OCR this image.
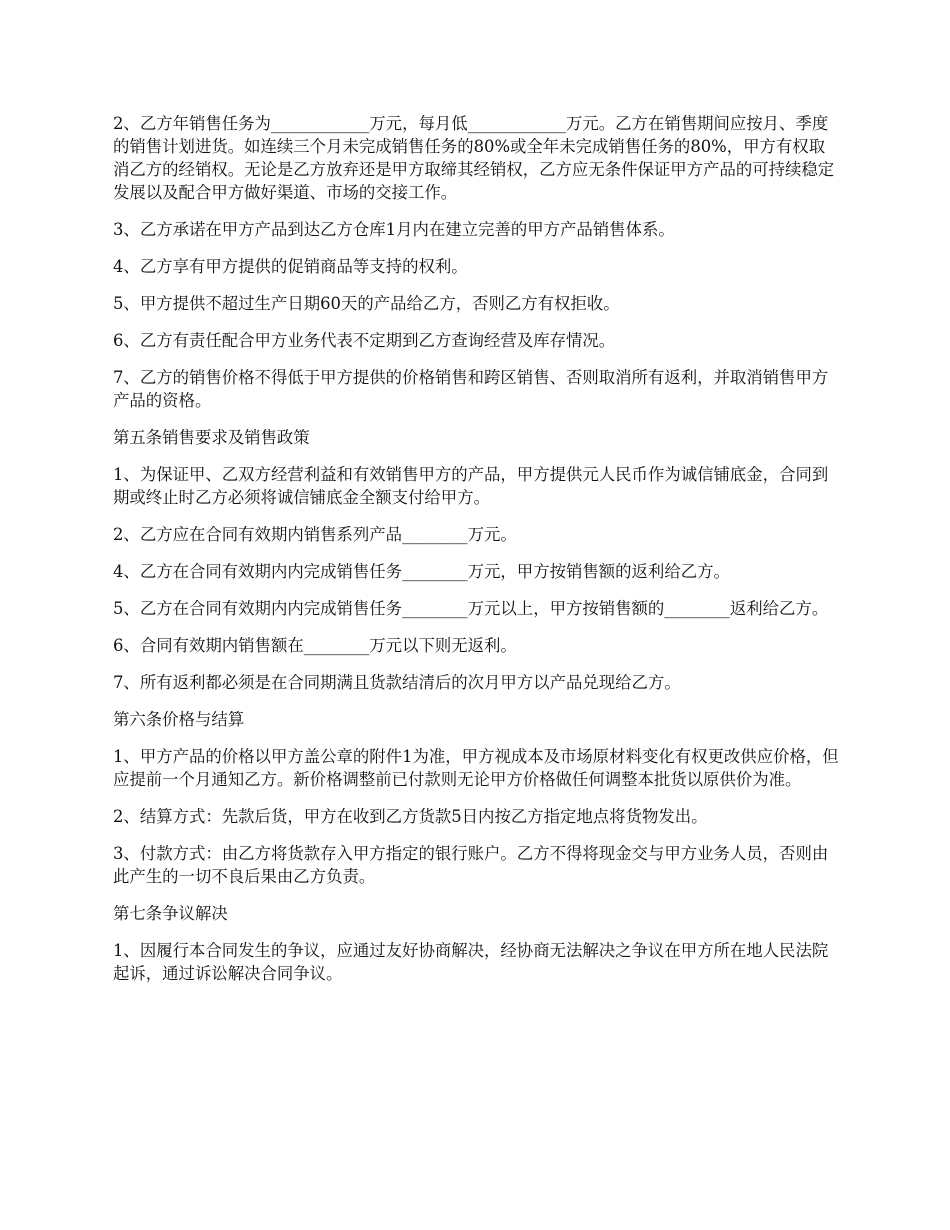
2、乙方年销售任务为____________万元，每月低____________万元。乙方在销售期间应按月、季度的销售计划进货。如连续三个月未完成销售任务的80%或全年未完成销售任务的80%，甲方有权取消乙方的经销权。无论是乙方放弃还是甲方取缔其经销权，乙方应无条件保证甲方产品的可持续稳定发展以及配合甲方做好渠道、市场的交接工作。

3、乙方承诺在甲方产品到达乙方仓库1月内在建立完善的甲方产品销售体系。

4、乙方享有甲方提供的促销商品等支持的权利。

5、甲方提供不超过生产日期60天的产品给乙方，否则乙方有权拒收。

6、乙方有责任配合甲方业务代表不定期到乙方查询经营及库存情况。

7、乙方的销售价格不得低于甲方提供的价格销售和跨区销售、否则取消所有返利，并取消销售甲方产品的资格。

第五条销售要求及销售政策

1、为保证甲、乙双方经营利益和有效销售甲方的产品，甲方提供元人民币作为诚信铺底金，合同到期或终止时乙方必须将诚信铺底金全额支付给甲方。

2、乙方应在合同有效期内销售系列产品________万元。

4、乙方在合同有效期内内完成销售任务________万元，甲方按销售额的返利给乙方。

5、乙方在合同有效期内内完成销售任务________万元以上，甲方按销售额的________返利给乙方。

6、合同有效期内销售额在________万元以下则无返利。

7、所有返利都必须是在合同期满且货款结清后的次月甲方以产品兑现给乙方。

第六条价格与结算

1、甲方产品的价格以甲方盖公章的附件1为准，甲方视成本及市场原材料变化有权更改供应价格，但应提前一个月通知乙方。新价格调整前已付款则无论甲方价格做任何调整本批货以原供价为准。

2、结算方式：先款后货，甲方在收到乙方货款5日内按乙方指定地点将货物发出。

3、付款方式：由乙方将货款存入甲方指定的银行账户。乙方不得将现金交与甲方业务人员，否则由此产生的一切不良后果由乙方负责。

第七条争议解决

1、因履行本合同发生的争议，应通过友好协商解决，经协商无法解决之争议在甲方所在地人民法院起诉，通过诉讼解决合同争议。
